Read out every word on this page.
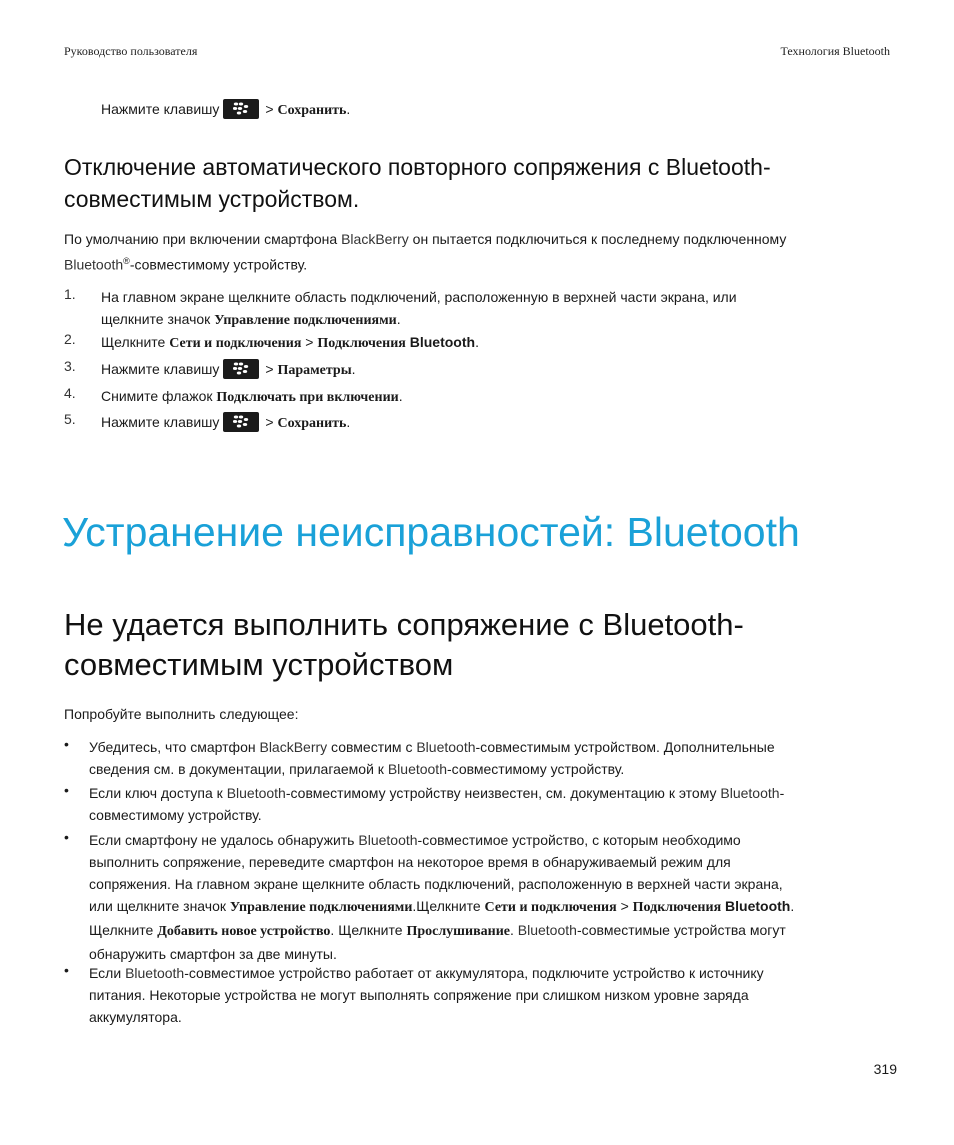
Руководство пользователя	Технология Bluetooth
Нажмите клавишу	> Сохранить.
Отключение автоматического повторного сопряжения с Bluetooth-
совместимым устройством.
По умолчанию при включении смартфона BlackBerry он пытается подключиться к последнему подключенному
Bluetooth®-совместимому устройству.
1.	На главном экране щелкните область подключений, расположенную в верхней части экрана, или
щелкните значок Управление подключениями.
2.	Щелкните Сети и подключения > Подключения Bluetooth.
3.	Нажмите клавишу	> Параметры.
4.	Снимите флажок Подключать при включении.
5.	Нажмите клавишу	> Сохранить.
Устранение неисправностей: Bluetooth
Не удается выполнить сопряжение с Bluetooth-
совместимым устройством
Попробуйте выполнить следующее:
• Убедитесь, что смартфон BlackBerry совместим с Bluetooth-совместимым устройством. Дополнительные
сведения см. в документации, прилагаемой к Bluetooth-совместимому устройству.
• Если ключ доступа к Bluetooth-совместимому устройству неизвестен, см. документацию к этому Bluetooth-
совместимому устройству.
• Если смартфону не удалось обнаружить Bluetooth-совместимое устройство, с которым необходимо
выполнить сопряжение, переведите смартфон на некоторое время в обнаруживаемый режим для
сопряжения. На главном экране щелкните область подключений, расположенную в верхней части экрана,
или щелкните значок Управление подключениями.Щелкните Сети и подключения > Подключения Bluetooth.
Щелкните Добавить новое устройство. Щелкните Прослушивание. Bluetooth-совместимые устройства могут
обнаружить смартфон за две минуты.
• Если Bluetooth-совместимое устройство работает от аккумулятора, подключите устройство к источнику
питания. Некоторые устройства не могут выполнять сопряжение при слишком низком уровне заряда
аккумулятора.
319
